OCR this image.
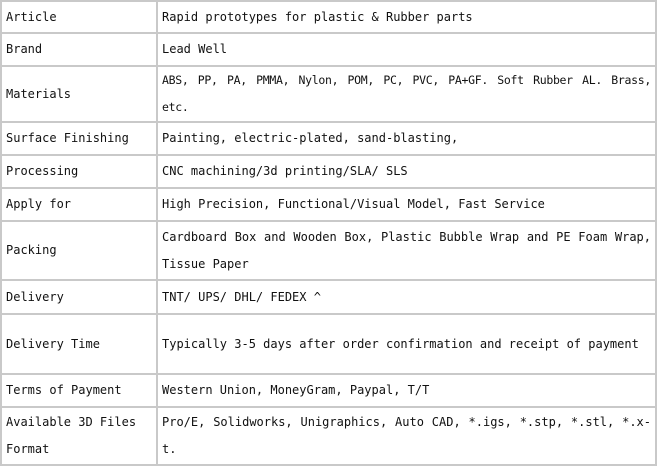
Article	Rapid prototypes for plastic & Rubber parts
Brand	Lead Well
Materials	ABS, PP, PA, PMMA, Nylon, POM, PC, PVC, PA+GF. Soft Rubber AL. Brass, etc.
Surface Finishing	Painting, electric-plated, sand-blasting,
Processing	CNC machining/3d printing/SLA/ SLS
Apply for	High Precision, Functional/Visual Model, Fast Service
Packing	Cardboard Box and Wooden Box, Plastic Bubble Wrap and PE Foam Wrap, Tissue Paper
Delivery	TNT/ UPS/ DHL/ FEDEX ^
Delivery Time	Typically 3-5 days after order confirmation and receipt of payment
Terms of Payment	Western Union, MoneyGram, Paypal, T/T
Available 3D Files Format	Pro/E, Solidworks, Unigraphics, Auto CAD, *.igs, *.stp, *.stl, *.x-t.
